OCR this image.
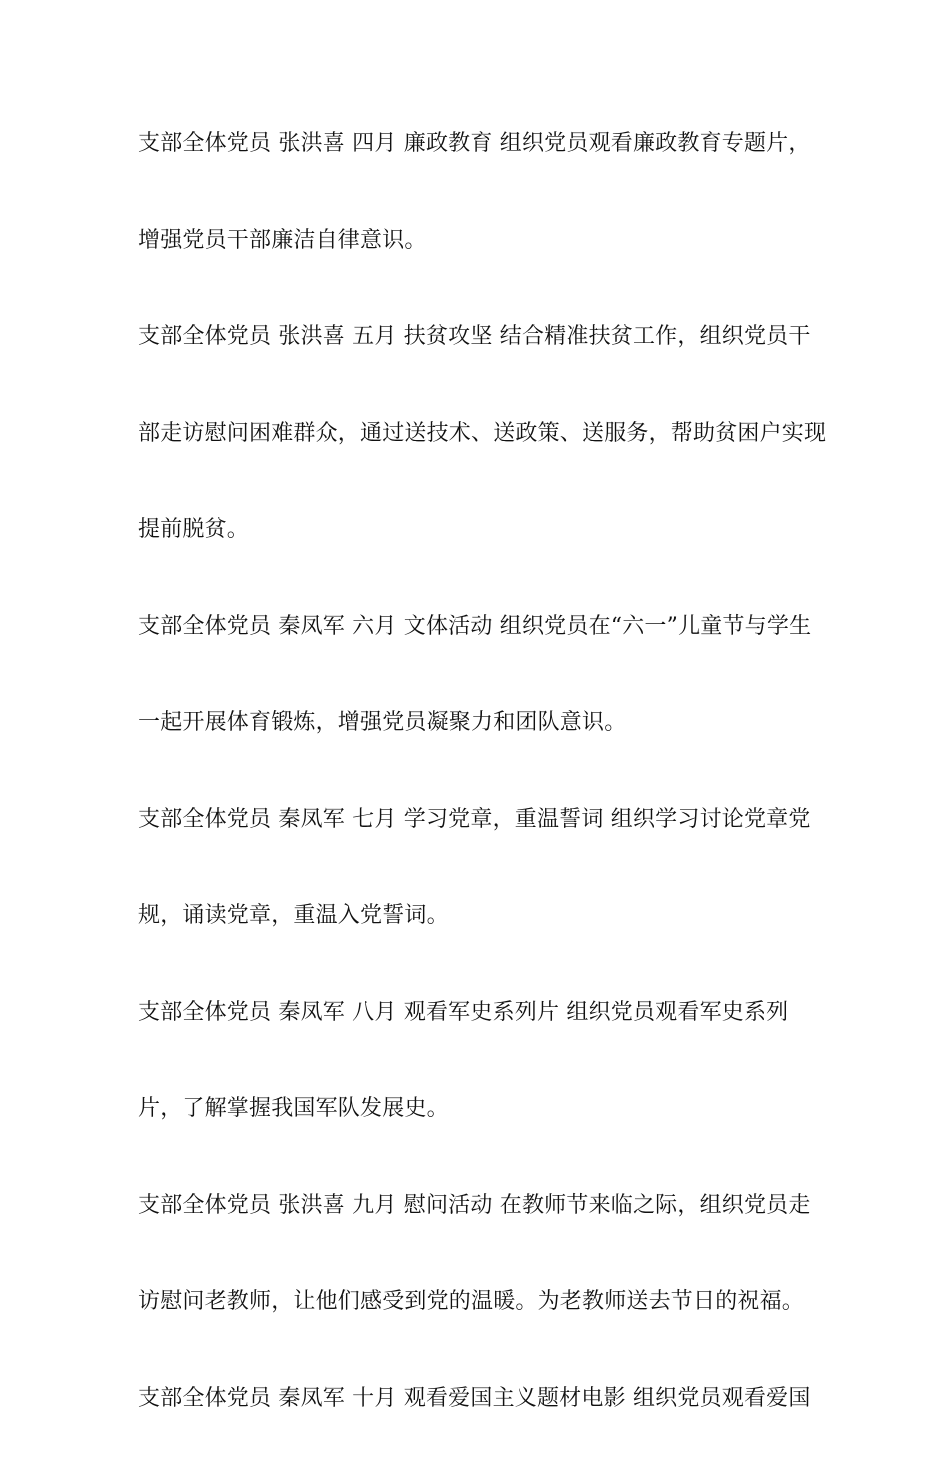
支部全体党员 张洪喜 四月 廉政教育 组织党员观看廉政教育专题片，
增强党员干部廉洁自律意识。
支部全体党员 张洪喜 五月 扶贫攻坚 结合精准扶贫工作，组织党员干
部走访慰问困难群众，通过送技术、送政策、送服务，帮助贫困户实现
提前脱贫。
支部全体党员 秦凤军 六月 文体活动 组织党员在“六一”儿童节与学生
一起开展体育锻炼，增强党员凝聚力和团队意识。
支部全体党员 秦凤军 七月 学习党章，重温誓词 组织学习讨论党章党
规，诵读党章，重温入党誓词。
支部全体党员 秦凤军 八月 观看军史系列片 组织党员观看军史系列
片，了解掌握我国军队发展史。
支部全体党员 张洪喜 九月 慰问活动 在教师节来临之际，组织党员走
访慰问老教师，让他们感受到党的温暖。为老教师送去节日的祝福。
支部全体党员 秦凤军 十月 观看爱国主义题材电影 组织党员观看爱国
